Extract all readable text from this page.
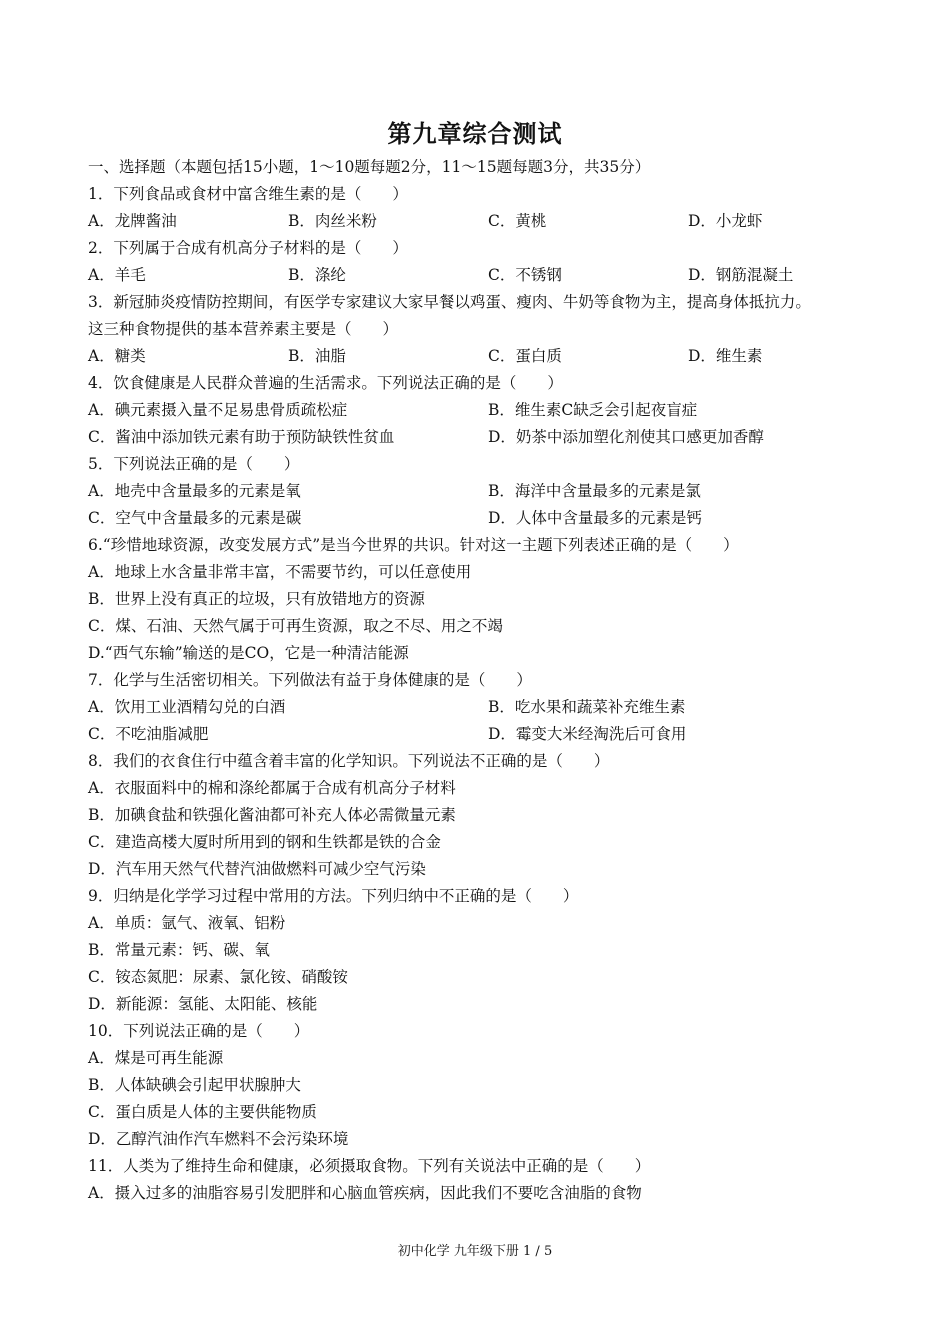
第九章综合测试
一、选择题（本题包括15小题，1～10题每题2分，11～15题每题3分，共35分）
1．下列食品或食材中富含维生素的是（　　）
A．龙牌酱油	B．肉丝米粉	C．黄桃	D．小龙虾
2．下列属于合成有机高分子材料的是（　　）
A．羊毛	B．涤纶	C．不锈钢	D．钢筋混凝土
3．新冠肺炎疫情防控期间，有医学专家建议大家早餐以鸡蛋、瘦肉、牛奶等食物为主，提高身体抵抗力。
这三种食物提供的基本营养素主要是（　　）
A．糖类	B．油脂	C．蛋白质	D．维生素
4．饮食健康是人民群众普遍的生活需求。下列说法正确的是（　　）
A．碘元素摄入量不足易患骨质疏松症	B．维生素C缺乏会引起夜盲症
C．酱油中添加铁元素有助于预防缺铁性贫血	D．奶茶中添加塑化剂使其口感更加香醇
5．下列说法正确的是（　　）
A．地壳中含量最多的元素是氧	B．海洋中含量最多的元素是氯
C．空气中含量最多的元素是碳	D．人体中含量最多的元素是钙
6.“珍惜地球资源，改变发展方式”是当今世界的共识。针对这一主题下列表述正确的是（　　）
A．地球上水含量非常丰富，不需要节约，可以任意使用
B．世界上没有真正的垃圾，只有放错地方的资源
C．煤、石油、天然气属于可再生资源，取之不尽、用之不竭
D.“西气东输”输送的是CO，它是一种清洁能源
7．化学与生活密切相关。下列做法有益于身体健康的是（　　）
A．饮用工业酒精勾兑的白酒	B．吃水果和蔬菜补充维生素
C．不吃油脂减肥	D．霉变大米经淘洗后可食用
8．我们的衣食住行中蕴含着丰富的化学知识。下列说法不正确的是（　　）
A．衣服面料中的棉和涤纶都属于合成有机高分子材料
B．加碘食盐和铁强化酱油都可补充人体必需微量元素
C．建造高楼大厦时所用到的钢和生铁都是铁的合金
D．汽车用天然气代替汽油做燃料可减少空气污染
9．归纳是化学学习过程中常用的方法。下列归纳中不正确的是（　　）
A．单质：氩气、液氧、铝粉
B．常量元素：钙、碳、氧
C．铵态氮肥：尿素、氯化铵、硝酸铵
D．新能源：氢能、太阳能、核能
10．下列说法正确的是（　　）
A．煤是可再生能源
B．人体缺碘会引起甲状腺肿大
C．蛋白质是人体的主要供能物质
D．乙醇汽油作汽车燃料不会污染环境
11．人类为了维持生命和健康，必须摄取食物。下列有关说法中正确的是（　　）
A．摄入过多的油脂容易引发肥胖和心脑血管疾病，因此我们不要吃含油脂的食物
初中化学 九年级下册 1 / 5
